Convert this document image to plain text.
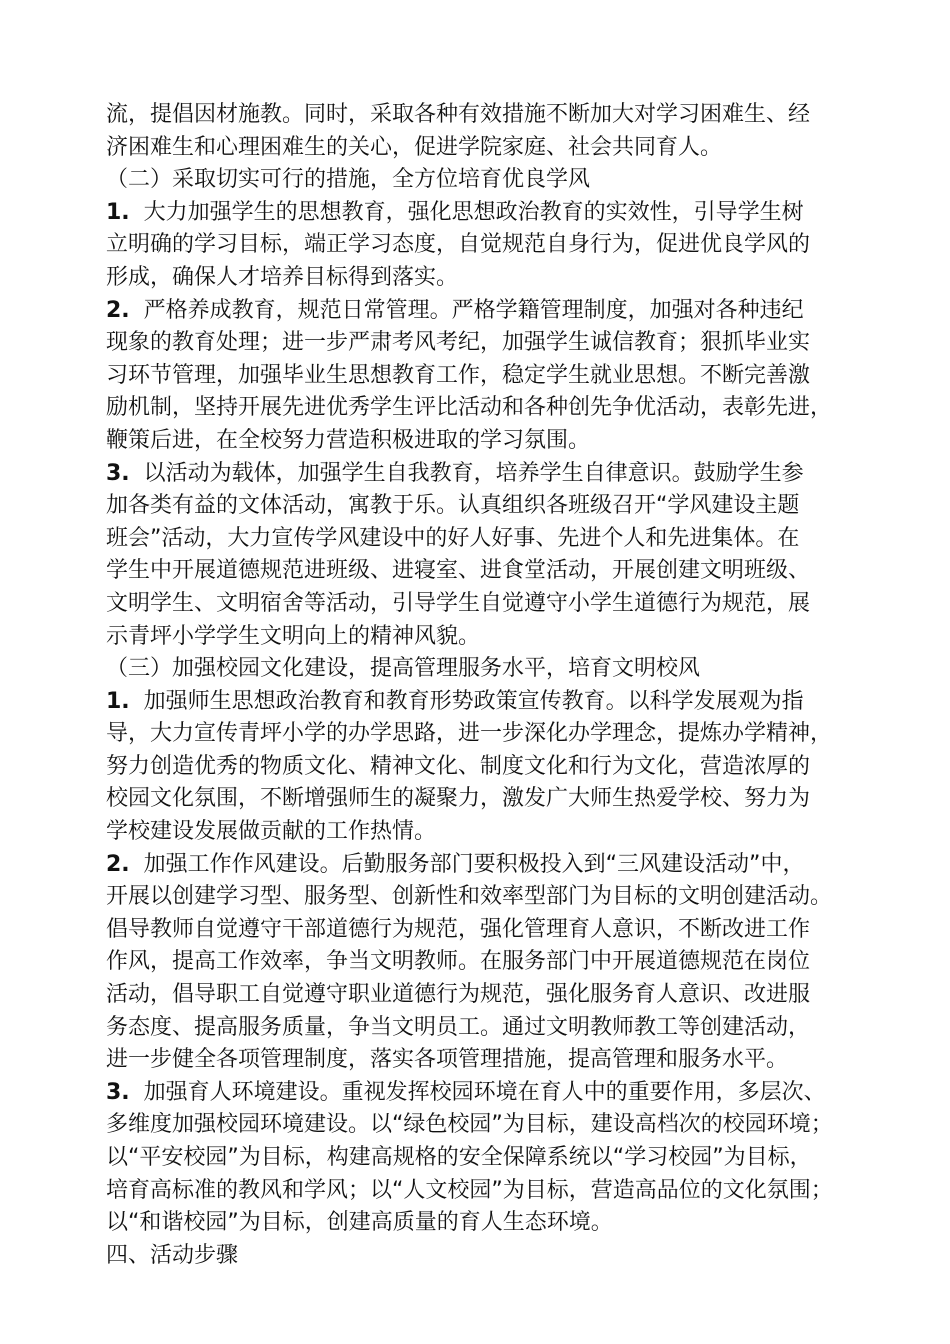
流，提倡因材施教。同时，采取各种有效措施不断加大对学习困难生、经
济困难生和心理困难生的关心，促进学院家庭、社会共同育人。
（二）采取切实可行的措施，全方位培育优良学风
1.  大力加强学生的思想教育，强化思想政治教育的实效性，引导学生树
立明确的学习目标，端正学习态度，自觉规范自身行为，促进优良学风的
形成，确保人才培养目标得到落实。
2.  严格养成教育，规范日常管理。严格学籍管理制度，加强对各种违纪
现象的教育处理；进一步严肃考风考纪，加强学生诚信教育；狠抓毕业实
习环节管理，加强毕业生思想教育工作，稳定学生就业思想。不断完善激
励机制，坚持开展先进优秀学生评比活动和各种创先争优活动，表彰先进，
鞭策后进，在全校努力营造积极进取的学习氛围。
3.  以活动为载体，加强学生自我教育，培养学生自律意识。鼓励学生参
加各类有益的文体活动，寓教于乐。认真组织各班级召开“学风建设主题
班会”活动，大力宣传学风建设中的好人好事、先进个人和先进集体。在
学生中开展道德规范进班级、进寝室、进食堂活动，开展创建文明班级、
文明学生、文明宿舍等活动，引导学生自觉遵守小学生道德行为规范，展
示青坪小学学生文明向上的精神风貌。
（三）加强校园文化建设，提高管理服务水平，培育文明校风
1.  加强师生思想政治教育和教育形势政策宣传教育。以科学发展观为指
导，大力宣传青坪小学的办学思路，进一步深化办学理念，提炼办学精神，
努力创造优秀的物质文化、精神文化、制度文化和行为文化，营造浓厚的
校园文化氛围，不断增强师生的凝聚力，激发广大师生热爱学校、努力为
学校建设发展做贡献的工作热情。
2.  加强工作作风建设。后勤服务部门要积极投入到“三风建设活动”中，
开展以创建学习型、服务型、创新性和效率型部门为目标的文明创建活动。
倡导教师自觉遵守干部道德行为规范，强化管理育人意识，不断改进工作
作风，提高工作效率，争当文明教师。在服务部门中开展道德规范在岗位
活动，倡导职工自觉遵守职业道德行为规范，强化服务育人意识、改进服
务态度、提高服务质量，争当文明员工。通过文明教师教工等创建活动，
进一步健全各项管理制度，落实各项管理措施，提高管理和服务水平。
3.  加强育人环境建设。重视发挥校园环境在育人中的重要作用，多层次、
多维度加强校园环境建设。以“绿色校园”为目标，建设高档次的校园环境；
以“平安校园”为目标，构建高规格的安全保障系统以“学习校园”为目标，
培育高标准的教风和学风；以“人文校园”为目标，营造高品位的文化氛围；
以“和谐校园”为目标，创建高质量的育人生态环境。
四、活动步骤
